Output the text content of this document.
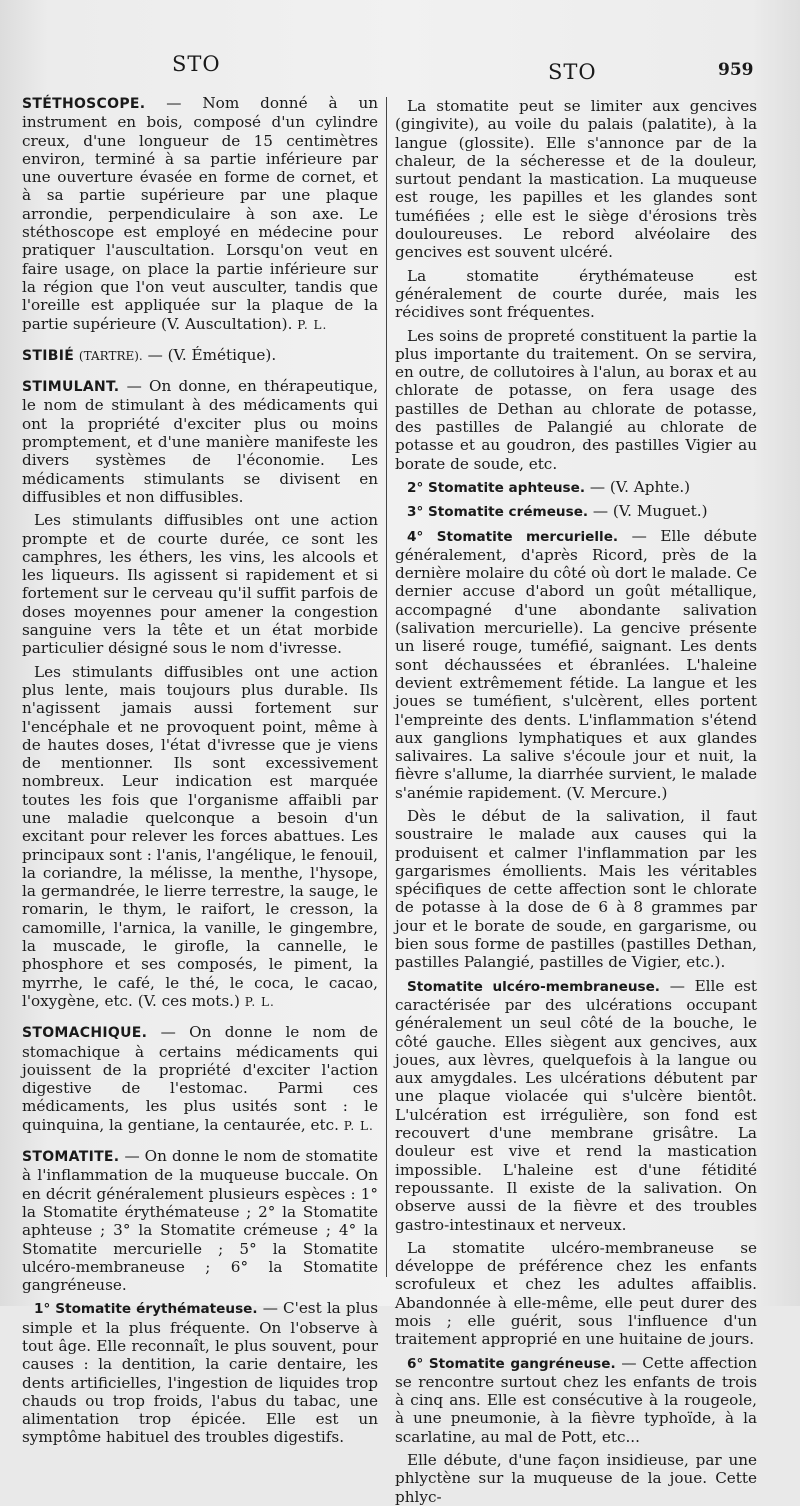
STO	STO	959

STÉTHOSCOPE. — Nom donné à un instrument en bois, composé d'un cylindre creux, d'une longueur de 15 centimètres environ, terminé à sa partie inférieure par une ouverture évasée en forme de cornet, et à sa partie supérieure par une plaque arrondie, perpendiculaire à son axe. Le stéthoscope est employé en médecine pour pratiquer l'auscultation. Lorsqu'on veut en faire usage, on place la partie inférieure sur la région que l'on veut ausculter, tandis que l'oreille est appliquée sur la plaque de la partie supérieure (V. Auscultation). P. L.

STIBIÉ (TARTRE). — (V. Émétique).

STIMULANT. — On donne, en thérapeutique, le nom de stimulant à des médicaments qui ont la propriété d'exciter plus ou moins promptement, et d'une manière manifeste les divers systèmes de l'économie. Les médicaments stimulants se divisent en diffusibles et non diffusibles.

Les stimulants diffusibles ont une action prompte et de courte durée, ce sont les camphres, les éthers, les vins, les alcools et les liqueurs. Ils agissent si rapidement et si fortement sur le cerveau qu'il suffit parfois de doses moyennes pour amener la congestion sanguine vers la tête et un état morbide particulier désigné sous le nom d'ivresse.

Les stimulants diffusibles ont une action plus lente, mais toujours plus durable. Ils n'agissent jamais aussi fortement sur l'encéphale et ne provoquent point, même à de hautes doses, l'état d'ivresse que je viens de mentionner. Ils sont excessivement nombreux. Leur indication est marquée toutes les fois que l'organisme affaibli par une maladie quelconque a besoin d'un excitant pour relever les forces abattues. Les principaux sont : l'anis, l'angélique, le fenouil, la coriandre, la mélisse, la menthe, l'hysope, la germandrée, le lierre terrestre, la sauge, le romarin, le thym, le raifort, le cresson, la camomille, l'arnica, la vanille, le gingembre, la muscade, le girofle, la cannelle, le phosphore et ses composés, le piment, la myrrhe, le café, le thé, le coca, le cacao, l'oxygène, etc. (V. ces mots.) P. L.

STOMACHIQUE. — On donne le nom de stomachique à certains médicaments qui jouissent de la propriété d'exciter l'action digestive de l'estomac. Parmi ces médicaments, les plus usités sont : le quinquina, la gentiane, la centaurée, etc. P. L.

STOMATITE. — On donne le nom de stomatite à l'inflammation de la muqueuse buccale. On en décrit généralement plusieurs espèces : 1° la Stomatite érythémateuse ; 2° la Stomatite aphteuse ; 3° la Stomatite crémeuse ; 4° la Stomatite mercurielle ; 5° la Stomatite ulcéro-membraneuse ; 6° la Stomatite gangréneuse.

1° Stomatite érythémateuse. — C'est la plus simple et la plus fréquente. On l'observe à tout âge. Elle reconnaît, le plus souvent, pour causes : la dentition, la carie dentaire, les dents artificielles, l'ingestion de liquides trop chauds ou trop froids, l'abus du tabac, une alimentation trop épicée. Elle est un symptôme habituel des troubles digestifs.

La stomatite peut se limiter aux gencives (gingivite), au voile du palais (palatite), à la langue (glossite). Elle s'annonce par de la chaleur, de la sécheresse et de la douleur, surtout pendant la mastication. La muqueuse est rouge, les papilles et les glandes sont tuméfiées ; elle est le siège d'érosions très douloureuses. Le rebord alvéolaire des gencives est souvent ulcéré.

La stomatite érythémateuse est généralement de courte durée, mais les récidives sont fréquentes.

Les soins de propreté constituent la partie la plus importante du traitement. On se servira, en outre, de collutoires à l'alun, au borax et au chlorate de potasse, on fera usage des pastilles de Dethan au chlorate de potasse, des pastilles de Palangié au chlorate de potasse et au goudron, des pastilles Vigier au borate de soude, etc.

2° Stomatite aphteuse. — (V. Aphte.)

3° Stomatite crémeuse. — (V. Muguet.)

4° Stomatite mercurielle. — Elle débute généralement, d'après Ricord, près de la dernière molaire du côté où dort le malade. Ce dernier accuse d'abord un goût métallique, accompagné d'une abondante salivation (salivation mercurielle). La gencive présente un liseré rouge, tuméfié, saignant. Les dents sont déchaussées et ébranlées. L'haleine devient extrêmement fétide. La langue et les joues se tuméfient, s'ulcèrent, elles portent l'empreinte des dents. L'inflammation s'étend aux ganglions lymphatiques et aux glandes salivaires. La salive s'écoule jour et nuit, la fièvre s'allume, la diarrhée survient, le malade s'anémie rapidement. (V. Mercure.)

Dès le début de la salivation, il faut soustraire le malade aux causes qui la produisent et calmer l'inflammation par les gargarismes émollients. Mais les véritables spécifiques de cette affection sont le chlorate de potasse à la dose de 6 à 8 grammes par jour et le borate de soude, en gargarisme, ou bien sous forme de pastilles (pastilles Dethan, pastilles Palangié, pastilles de Vigier, etc.).

Stomatite ulcéro-membraneuse. — Elle est caractérisée par des ulcérations occupant généralement un seul côté de la bouche, le côté gauche. Elles siègent aux gencives, aux joues, aux lèvres, quelquefois à la langue ou aux amygdales. Les ulcérations débutent par une plaque violacée qui s'ulcère bientôt. L'ulcération est irrégulière, son fond est recouvert d'une membrane grisâtre. La douleur est vive et rend la mastication impossible. L'haleine est d'une fétidité repoussante. Il existe de la salivation. On observe aussi de la fièvre et des troubles gastro-intestinaux et nerveux.

La stomatite ulcéro-membraneuse se développe de préférence chez les enfants scrofuleux et chez les adultes affaiblis. Abandonnée à elle-même, elle peut durer des mois ; elle guérit, sous l'influence d'un traitement approprié en une huitaine de jours.

6° Stomatite gangréneuse. — Cette affection se rencontre surtout chez les enfants de trois à cinq ans. Elle est consécutive à la rougeole, à une pneumonie, à la fièvre typhoïde, à la scarlatine, au mal de Pott, etc...

Elle débute, d'une façon insidieuse, par une phlyctène sur la muqueuse de la joue. Cette phlyc-
